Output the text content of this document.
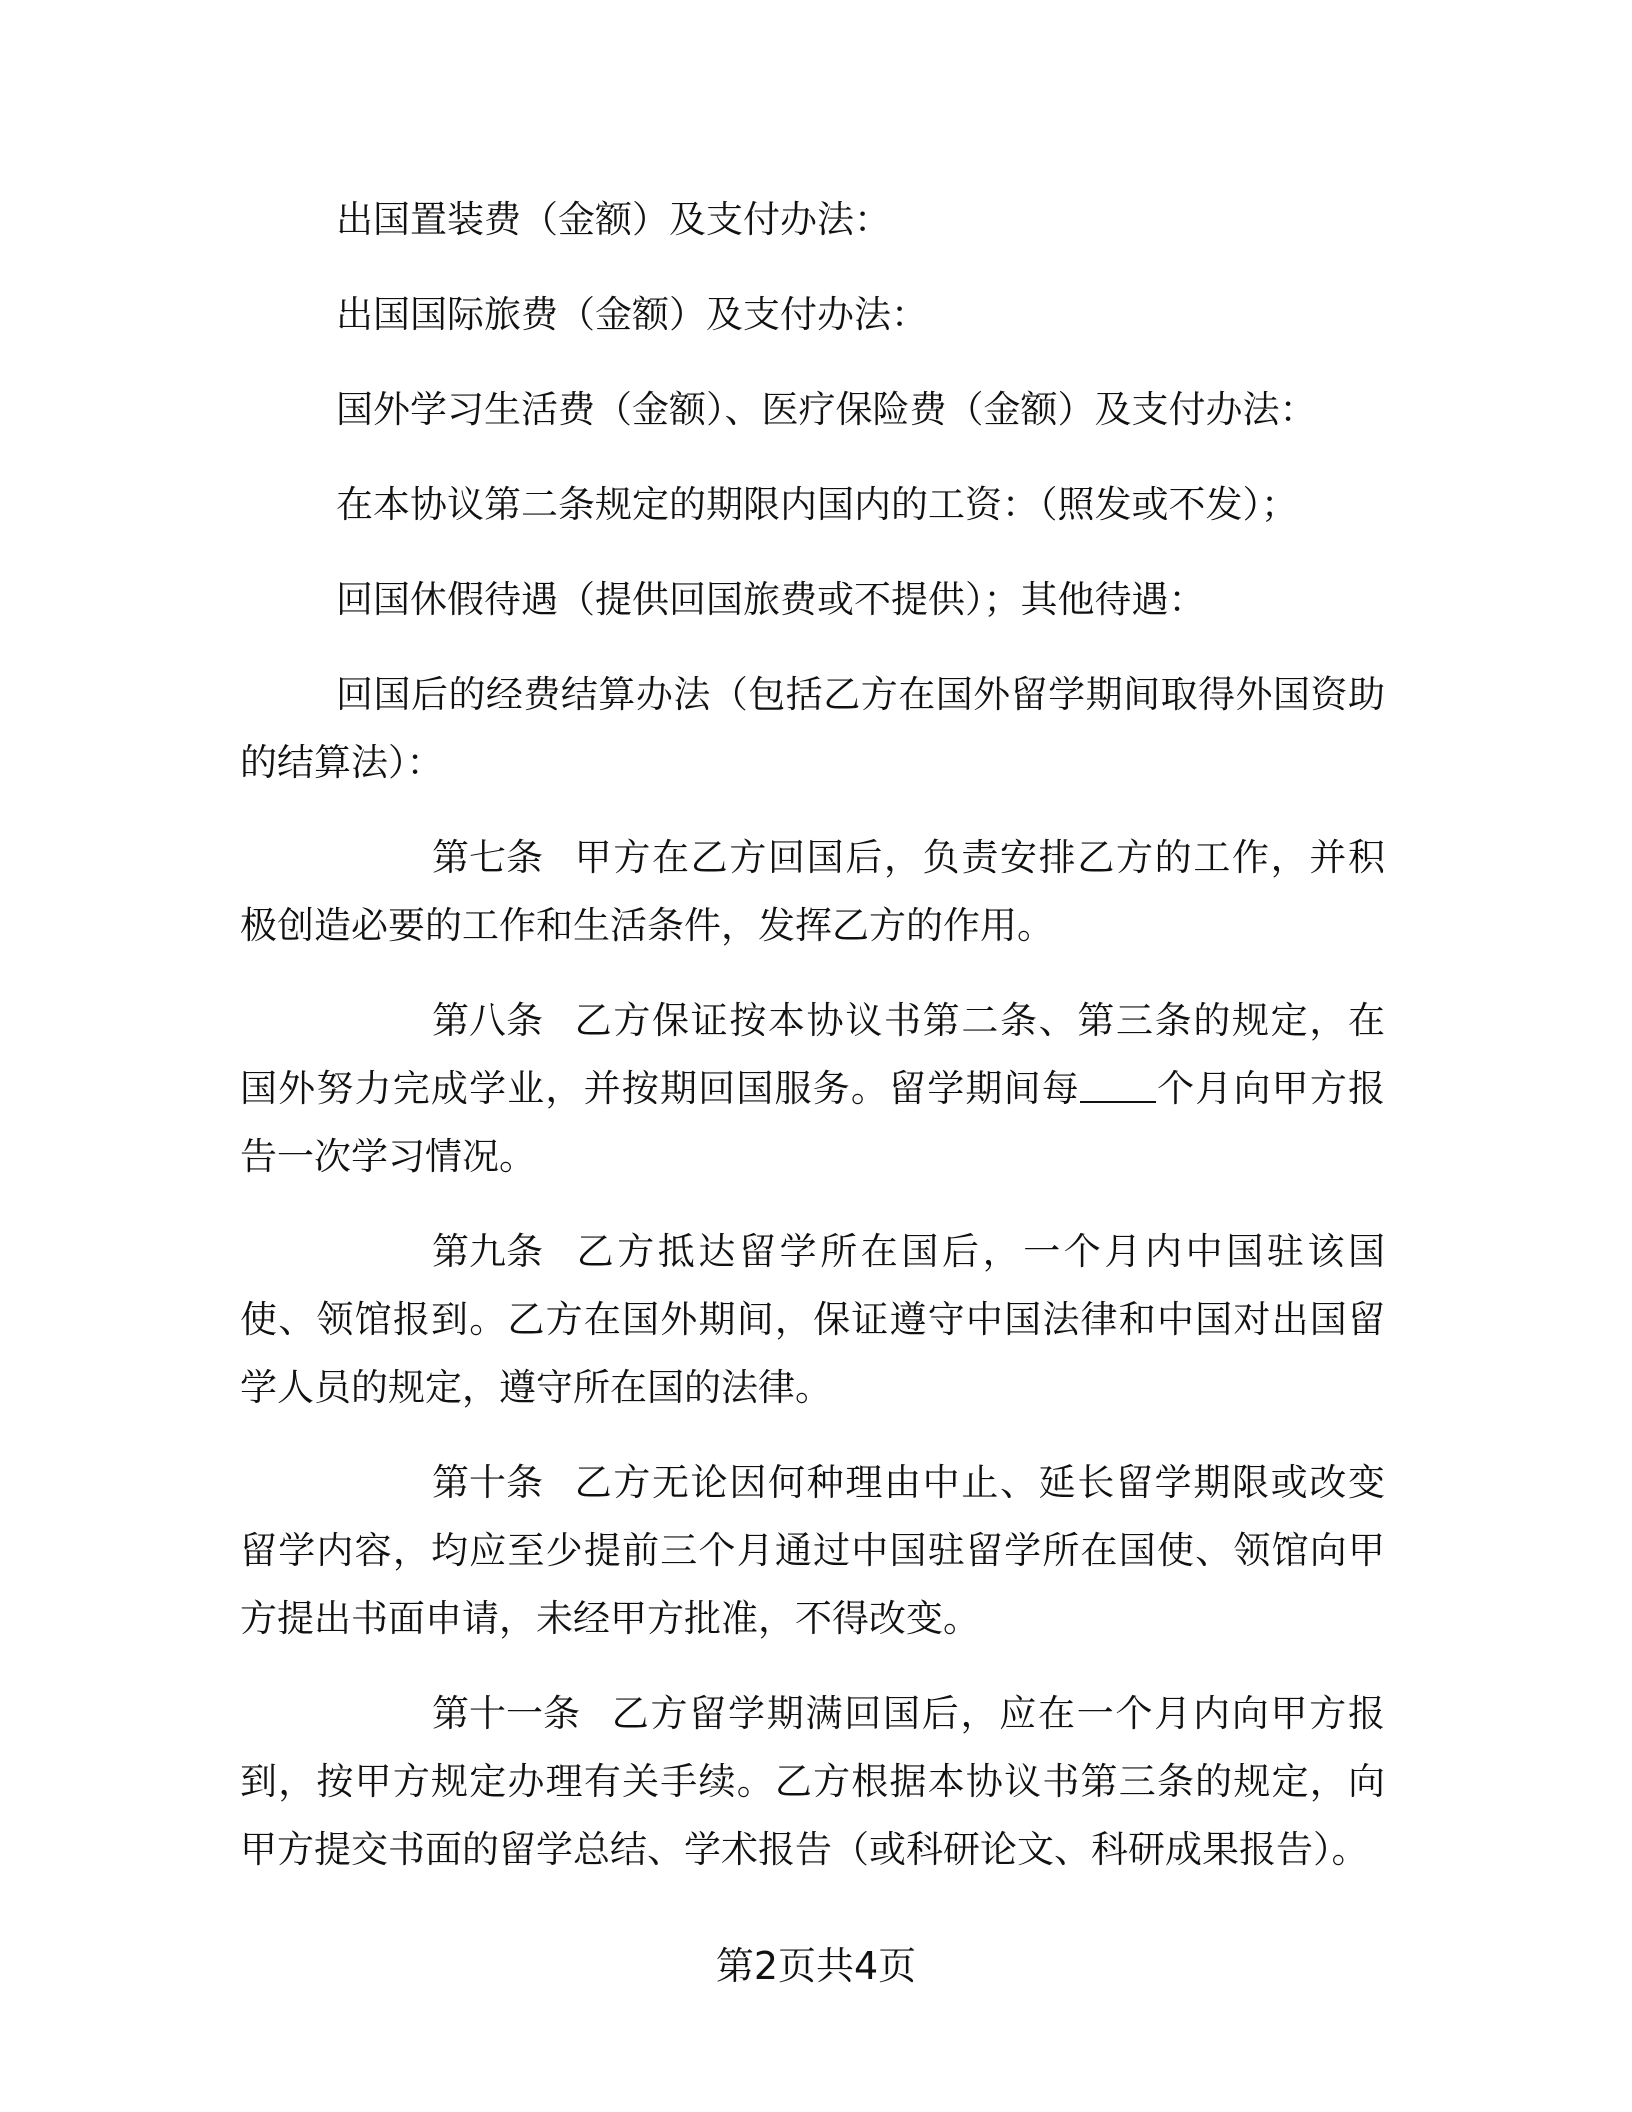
出国置装费（金额）及支付办法：

出国国际旅费（金额）及支付办法：

国外学习生活费（金额）、医疗保险费（金额）及支付办法：

在本协议第二条规定的期限内国内的工资：（照发或不发）；

回国休假待遇（提供回国旅费或不提供）；其他待遇：

回国后的经费结算办法（包括乙方在国外留学期间取得外国资助的结算法）：

第七条 甲方在乙方回国后，负责安排乙方的工作，并积极创造必要的工作和生活条件，发挥乙方的作用。

第八条 乙方保证按本协议书第二条、第三条的规定，在国外努力完成学业，并按期回国服务。留学期间每 个月向甲方报告一次学习情况。

第九条 乙方抵达留学所在国后，一个月内中国驻该国使、领馆报到。乙方在国外期间，保证遵守中国法律和中国对出国留学人员的规定，遵守所在国的法律。

第十条 乙方无论因何种理由中止、延长留学期限或改变留学内容，均应至少提前三个月通过中国驻留学所在国使、领馆向甲方提出书面申请，未经甲方批准，不得改变。

第十一条 乙方留学期满回国后，应在一个月内向甲方报到，按甲方规定办理有关手续。乙方根据本协议书第三条的规定，向甲方提交书面的留学总结、学术报告（或科研论文、科研成果报告）。

第2页共4页
